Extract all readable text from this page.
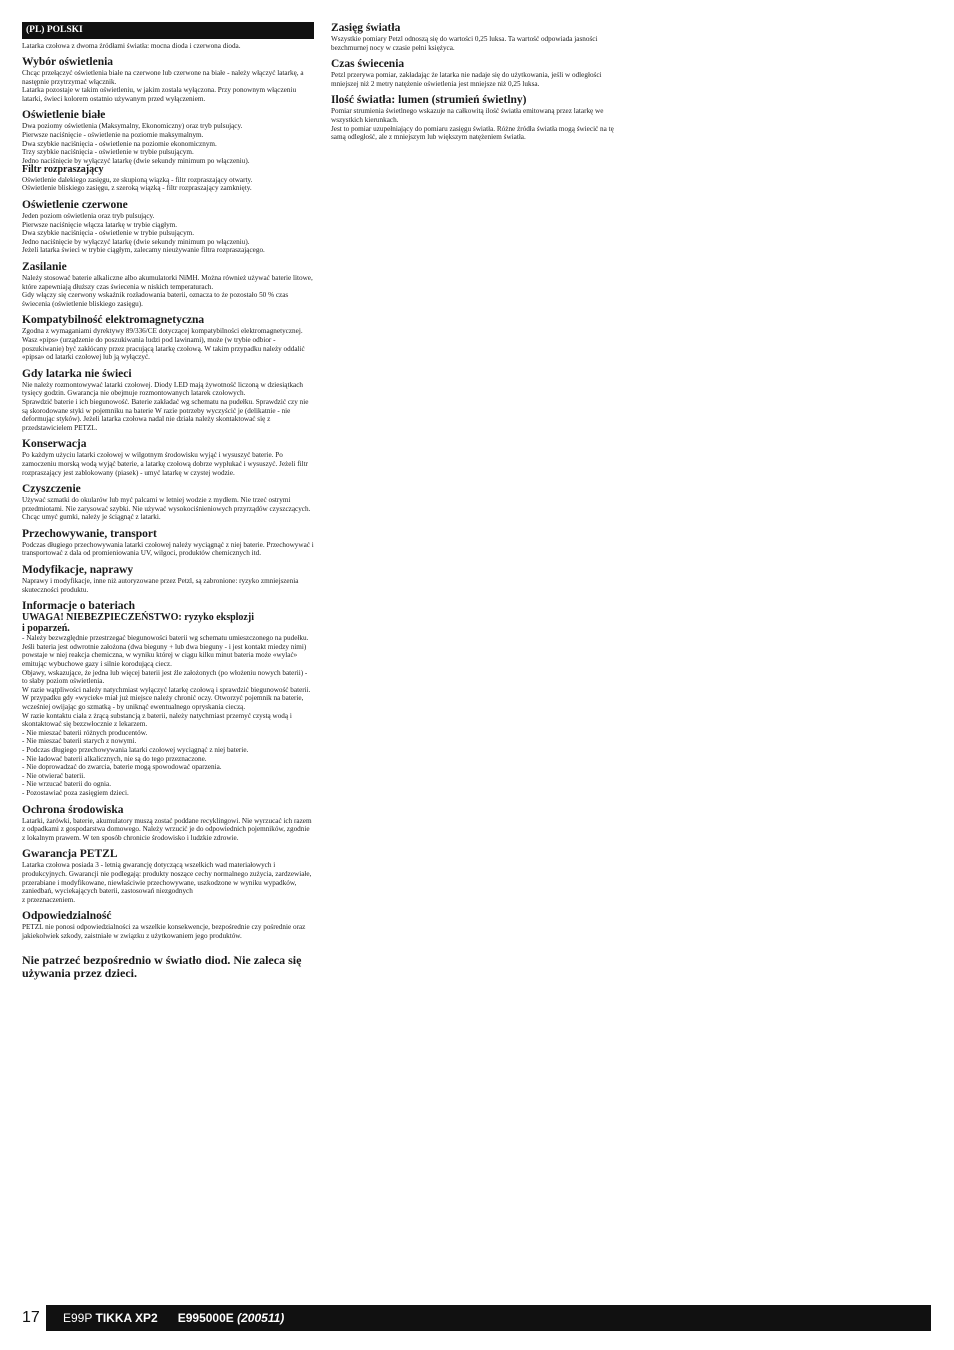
(PL) POLSKI
Latarka czołowa z dwoma źródłami światła: mocna dioda i czerwona dioda.
Wybór oświetlenia
Chcąc przełączyć oświetlenia białe na czerwone lub czerwone na białe - należy włączyć latarkę, a następnie przytrzymać włącznik.
Latarka pozostaje w takim oświetleniu, w jakim została wyłączona. Przy ponownym włączeniu latarki, świeci kolorem ostatnio używanym przed wyłączeniem.
Oświetlenie białe
Dwa poziomy oświetlenia (Maksymalny, Ekonomiczny) oraz tryb pulsujący.
Pierwsze naciśnięcie - oświetlenie na poziomie maksymalnym.
Dwa szybkie naciśnięcia - oświetlenie na poziomie ekonomicznym.
Trzy szybkie naciśnięcia - oświetlenie w trybie pulsującym.
Jedno naciśnięcie by wyłączyć latarkę (dwie sekundy minimum po włączeniu).
Filtr rozpraszający
Oświetlenie dalekiego zasięgu, ze skupioną wiązką - filtr rozpraszający otwarty.
Oświetlenie bliskiego zasięgu, z szeroką wiązką - filtr rozpraszający zamknięty.
Oświetlenie czerwone
Jeden poziom oświetlenia oraz tryb pulsujący.
Pierwsze naciśnięcie włącza latarkę w trybie ciągłym.
Dwa szybkie naciśnięcia - oświetlenie w trybie pulsującym.
Jedno naciśnięcie by wyłączyć latarkę (dwie sekundy minimum po włączeniu).
Jeżeli latarka świeci w trybie ciągłym, zalecamy nieużywanie filtra rozpraszającego.
Zasilanie
Należy stosować baterie alkaliczne albo akumulatorki NiMH. Można również używać baterie litowe, które zapewniają dłuższy czas świecenia w niskich temperaturach.
Gdy włączy się czerwony wskaźnik rozładowania baterii, oznacza to że pozostało 50 % czas świecenia (oświetlenie bliskiego zasięgu).
Kompatybilność elektromagnetyczna
Zgodna z wymaganiami dyrektywy 89/336/CE dotyczącej kompatybilności elektromagnetycznej.
Wasz «pips» (urządzenie do poszukiwania ludzi pod lawinami), może (w trybie odbior - poszukiwanie) być zakłócany przez pracującą latarkę czołową. W takim przypadku należy oddalić «pipsa» od latarki czołowej lub ją wyłączyć.
Gdy latarka nie świeci
Nie należy rozmontowywać latarki czołowej. Diody LED mają żywotność liczoną w dziesiątkach tysięcy godzin. Gwarancja nie obejmuje rozmontowanych latarek czołowych.
Sprawdzić baterie i ich biegunowość. Baterie zakładać wg schematu na pudełku. Sprawdzić czy nie są skorodowane styki w pojemniku na baterie W razie potrzeby wyczyścić je (delikatnie - nie deformując styków). Jeżeli latarka czołowa nadal nie działa należy skontaktować się z przedstawicielem PETZL.
Konserwacja
Po każdym użyciu latarki czołowej w wilgotnym środowisku wyjąć i wysuszyć baterie. Po zamoczeniu morską wodą wyjąć baterie, a latarkę czołową dobrze wypłukać i wysuszyć. Jeżeli filtr rozpraszający jest zablokowany (piasek) - umyć latarkę w czystej wodzie.
Czyszczenie
Używać szmatki do okularów lub myć palcami w letniej wodzie z mydłem. Nie trzeć ostrymi przedmiotami. Nie zarysować szybki. Nie używać wysokociśnieniowych przyrządów czyszczących. Chcąc umyć gumki, należy je ściągnąć z latarki.
Przechowywanie, transport
Podczas długiego przechowywania latarki czołowej należy wyciągnąć z niej baterie. Przechowywać i transportować z dala od promieniowania UV, wilgoci, produktów chemicznych itd.
Modyfikacje, naprawy
Naprawy i modyfikacje, inne niż autoryzowane przez Petzl, są zabronione: ryzyko zmniejszenia skuteczności produktu.
Informacje o bateriach
UWAGA! NIEBEZPIECZEŃSTWO: ryzyko eksplozji
i poparzeń.
- Należy bezwzględnie przestrzegać biegunowości baterii wg schematu umieszczonego na pudełku.
Jeśli bateria jest odwrotnie założona (dwa bieguny + lub dwa bieguny - i jest kontakt miedzy nimi) powstaje w niej reakcja chemiczna, w wyniku której w ciągu kilku minut bateria może «wylać» emitując wybuchowe gazy i silnie korodującą ciecz.
Objawy, wskazujące, że jedna lub więcej baterii jest źle założonych (po włożeniu nowych baterii) - to słaby poziom oświetlenia.
W razie wątpliwości należy natychmiast wyłączyć latarkę czołową i sprawdzić biegunowość baterii.
W przypadku gdy «wyciek» miał już miejsce należy chronić oczy. Otworzyć pojemnik na baterie, wcześniej owijając go szmatką - by uniknąć ewentualnego opryskania cieczą.
W razie kontaktu ciała z żrącą substancją z baterii, należy natychmiast przemyć czystą wodą i skontaktować się bezzwłocznie z lekarzem.
- Nie mieszać baterii różnych producentów.
- Nie mieszać baterii starych z nowymi.
- Podczas długiego przechowywania latarki czołowej wyciągnąć z niej baterie.
- Nie ładować baterii alkalicznych, nie są do tego przeznaczone.
- Nie doprowadzać do zwarcia, baterie mogą spowodować oparzenia.
- Nie otwierać baterii.
- Nie wrzucać baterii do ognia.
- Pozostawiać poza zasięgiem dzieci.
Ochrona środowiska
Latarki, żarówki, baterie, akumulatory muszą zostać poddane recyklingowi. Nie wyrzucać ich razem z odpadkami z gospodarstwa domowego. Należy wrzucić je do odpowiednich pojemników, zgodnie z lokalnym prawem. W ten sposób chronicie środowisko i ludzkie zdrowie.
Gwarancja PETZL
Latarka czołowa posiada 3 - letnią gwarancję dotyczącą wszelkich wad materiałowych i produkcyjnych. Gwarancji nie podlegają: produkty noszące cechy normalnego zużycia, zardzewiałe, przerabiane i modyfikowane, niewłaściwie przechowywane, uszkodzone w wyniku wypadków, zaniedbań, wyciekających baterii, zastosowań niezgodnych
z przeznaczeniem.
Odpowiedzialność
PETZL nie ponosi odpowiedzialności za wszelkie konsekwencje, bezpośrednie czy pośrednie oraz jakiekolwiek szkody, zaistniałe w związku z użytkowaniem jego produktów.
Nie patrzeć bezpośrednio w światło diod. Nie zaleca się
używania przez dzieci.
Zasięg światła
Wszystkie pomiary Petzl odnoszą się do wartości 0,25 luksa. Ta wartość odpowiada jasności bezchmurnej nocy w czasie pełni księżyca.
Czas świecenia
Petzl przerywa pomiar, zakładając że latarka nie nadaje się do użytkowania, jeśli w odległości mniejszej niż 2 metry natężenie oświetlenia jest mniejsze niż 0,25 luksa.
Ilość światła: lumen (strumień świetlny)
Pomiar strumienia świetlnego wskazuje na całkowitą ilość światła emitowaną przez latarkę we wszystkich kierunkach.
Jest to pomiar uzupełniający do pomiaru zasięgu światła. Różne źródła światła mogą świecić na tę samą odległość, ale z mniejszym lub większym natężeniem światła.
17	E99P TIKKA XP2 E995000E (200511)
